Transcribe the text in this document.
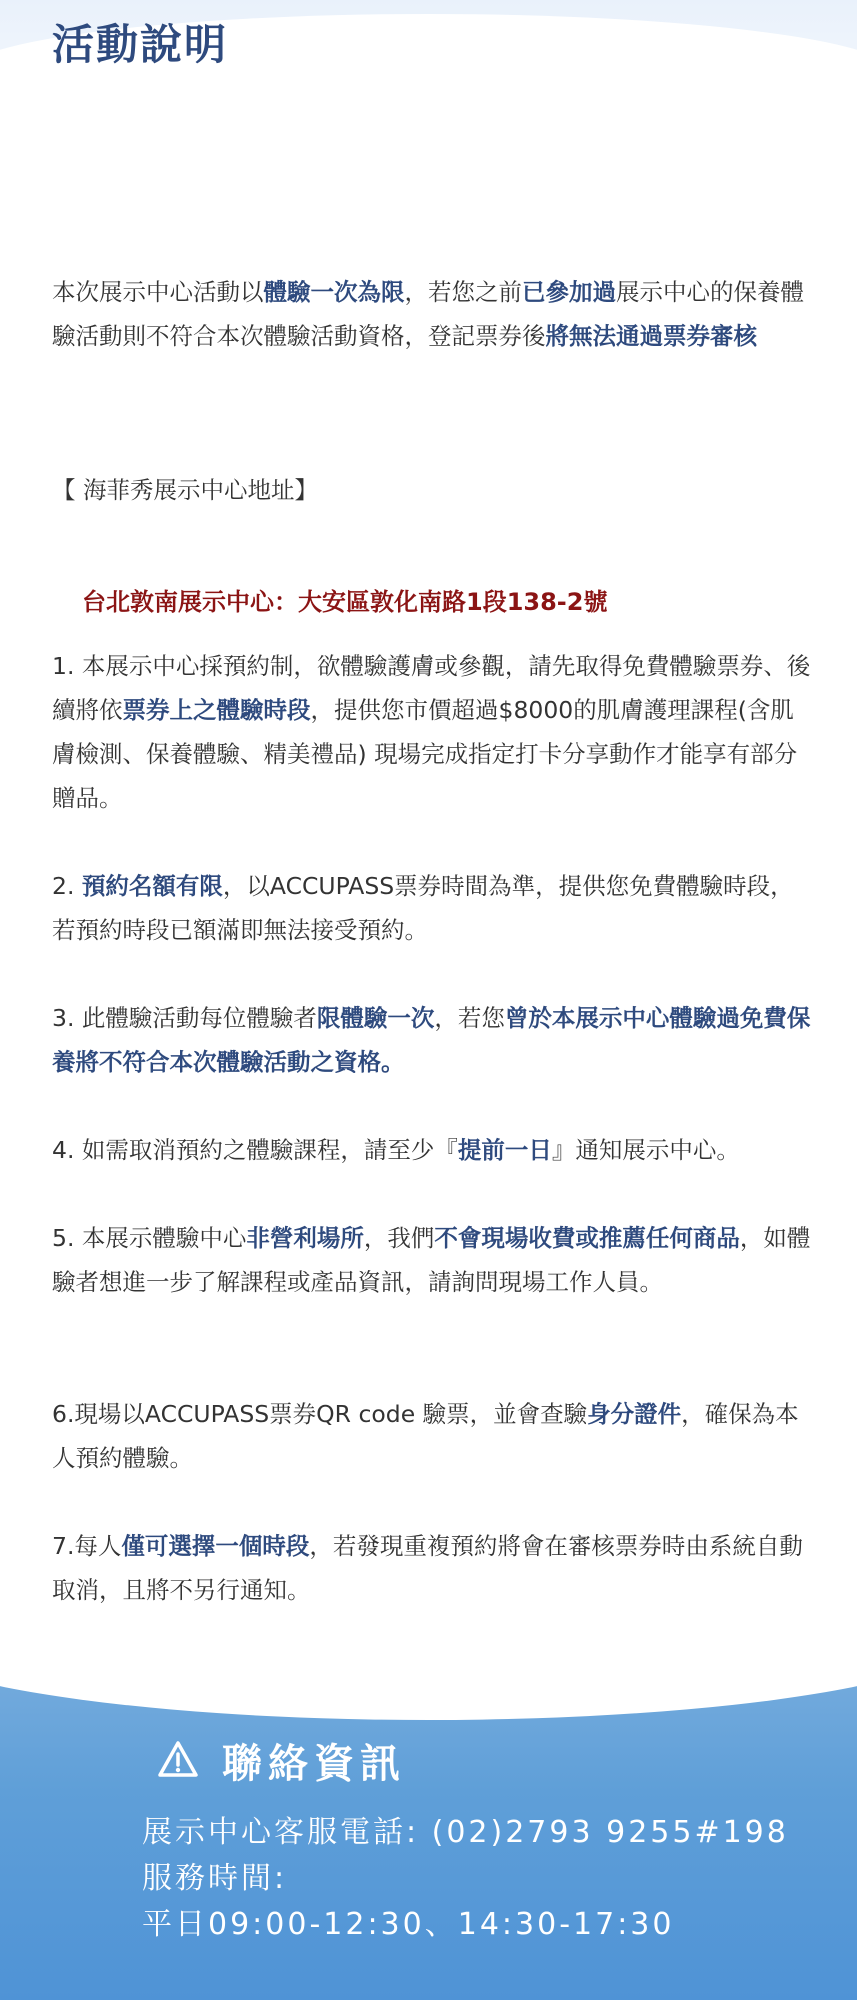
活動說明

本次展示中心活動以體驗一次為限，若您之前已參加過展示中心的保養體驗活動則不符合本次體驗活動資格，登記票券後將無法通過票券審核

【 海菲秀展示中心地址】

台北敦南展示中心：大安區敦化南路1段138-2號

1. 本展示中心採預約制，欲體驗護膚或參觀，請先取得免費體驗票券、後續將依票券上之體驗時段，提供您市價超過$8000的肌膚護理課程(含肌膚檢測、保養體驗、精美禮品) 現場完成指定打卡分享動作才能享有部分贈品。

2. 預約名額有限，以ACCUPASS票券時間為準，提供您免費體驗時段，若預約時段已額滿即無法接受預約。

3. 此體驗活動每位體驗者限體驗一次，若您曾於本展示中心體驗過免費保養將不符合本次體驗活動之資格。

4. 如需取消預約之體驗課程，請至少『提前一日』通知展示中心。

5. 本展示體驗中心非營利場所，我們不會現場收費或推薦任何商品，如體驗者想進一步了解課程或產品資訊，請詢問現場工作人員。

6.現場以ACCUPASS票券QR code 驗票，並會查驗身分證件，確保為本人預約體驗。

7.每人僅可選擇一個時段，若發現重複預約將會在審核票券時由系統自動取消，且將不另行通知。

聯絡資訊
展示中心客服電話: (02)2793 9255#198
服務時間:
平日09:00-12:30、14:30-17:30
